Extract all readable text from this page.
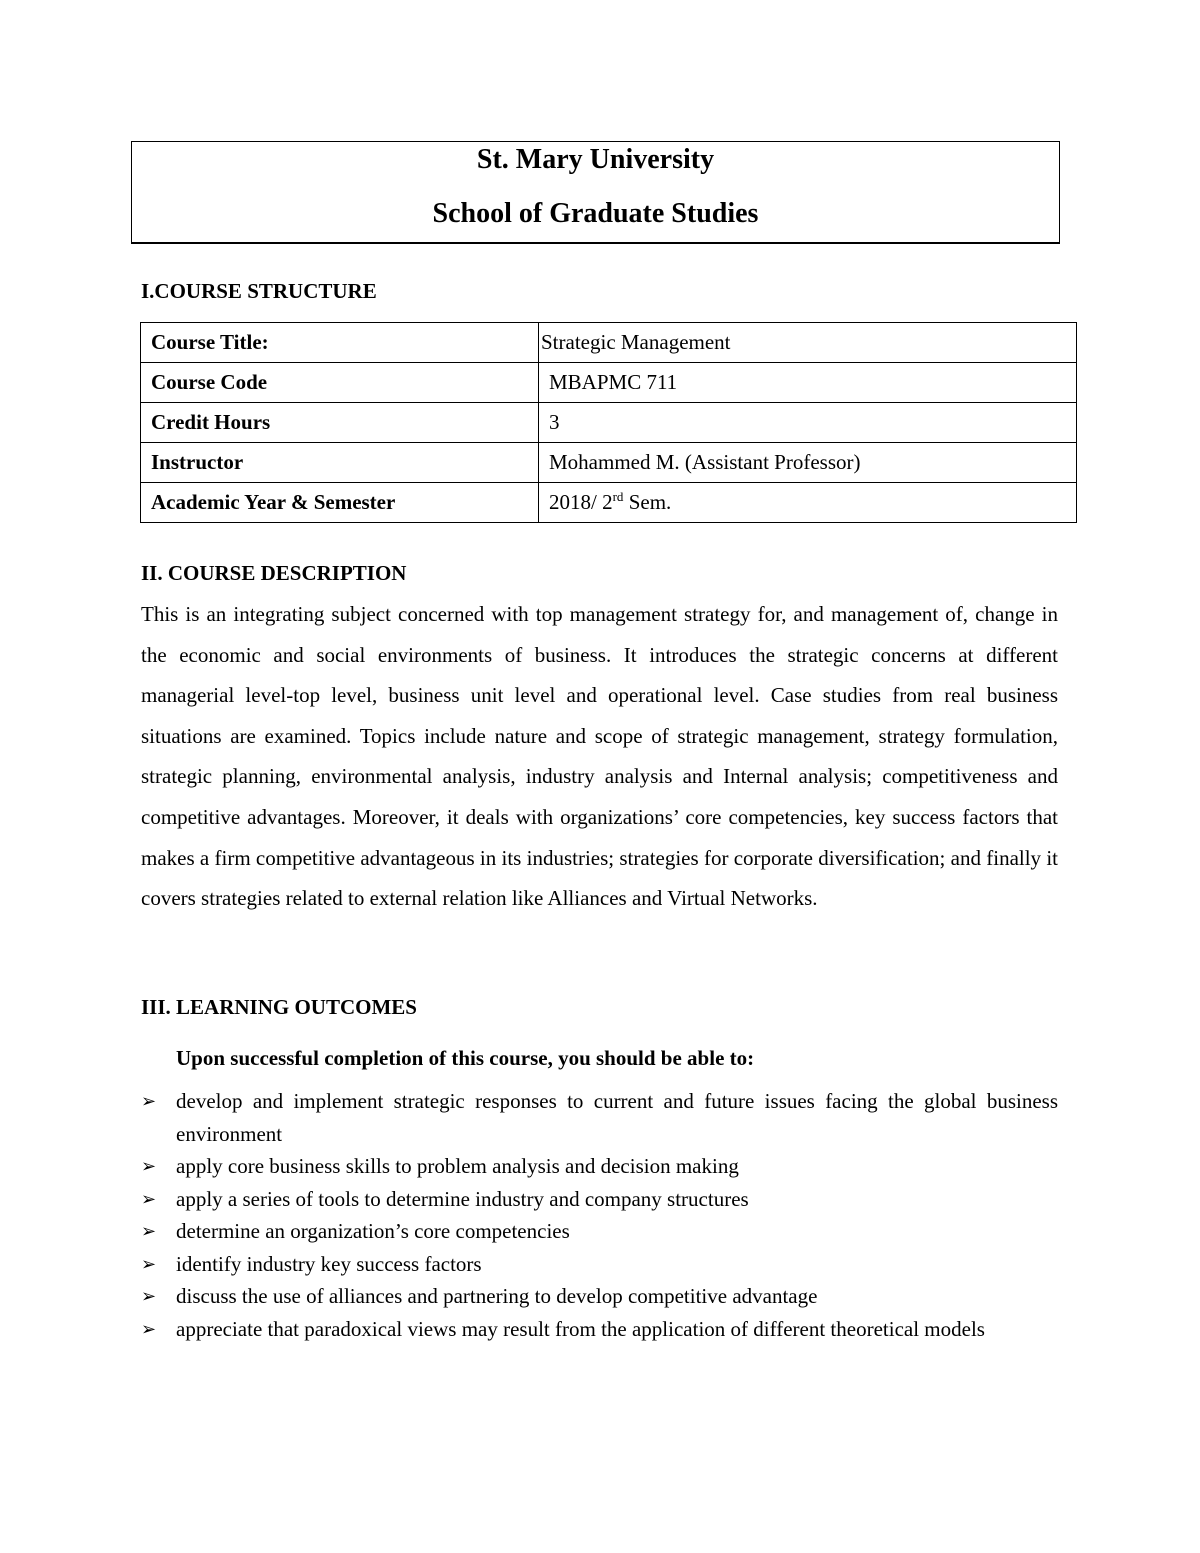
St. Mary University
School of Graduate Studies
I.COURSE STRUCTURE
Course Title:	Strategic Management
Course Code	MBAPMC 711
Credit Hours	3
Instructor	Mohammed M. (Assistant Professor)
Academic Year & Semester	2018/ 2rd Sem.
II. COURSE DESCRIPTION
This is an integrating subject concerned with top management strategy for, and management of, change in the economic and social environments of business. It introduces the strategic concerns at different managerial level-top level, business unit level and operational level. Case studies from real business situations are examined. Topics include nature and scope of strategic management, strategy formulation, strategic planning, environmental analysis, industry analysis and Internal analysis; competitiveness and competitive advantages. Moreover, it deals with organizations’ core competencies, key success factors that makes a firm competitive advantageous in its industries; strategies for corporate diversification; and finally it covers strategies related to external relation like Alliances and Virtual Networks.
III. LEARNING OUTCOMES
Upon successful completion of this course, you should be able to:
➢ develop and implement strategic responses to current and future issues facing the global business environment
➢ apply core business skills to problem analysis and decision making
➢ apply a series of tools to determine industry and company structures
➢ determine an organization’s core competencies
➢ identify industry key success factors
➢ discuss the use of alliances and partnering to develop competitive advantage
➢ appreciate that paradoxical views may result from the application of different theoretical models
